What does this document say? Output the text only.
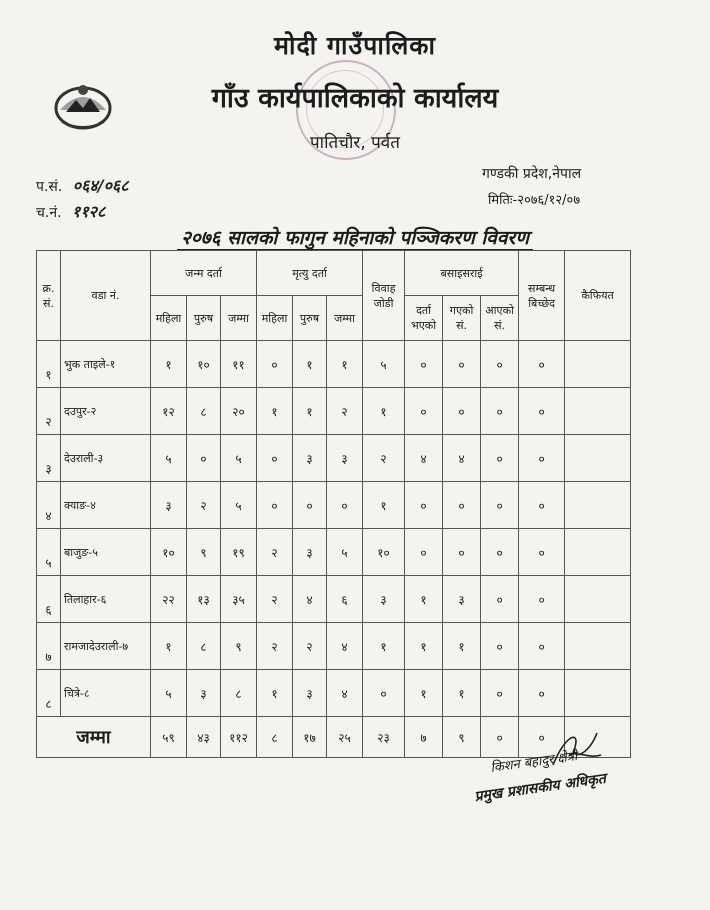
मोदी गाउँपालिका
गाँउ कार्यपालिकाको कार्यालय
पातिचौर, पर्वत
प.सं. ०६४/०६८
च.नं. ११२८
गण्डकी प्रदेश,नेपाल
मितिः-२०७६/१२/०७
२०७६ सालको फागुन महिनाको पञ्जिकरण विवरण
क्र. सं.	वडा नं.	जन्म दर्ता			मृत्यु दर्ता			विवाह जोडी	बसाइसराई			सम्बन्ध बिच्छेद	कैफियत
		महिला	पुरुष	जम्मा	महिला	पुरुष	जम्मा		दर्ता भएको	गएको सं.	आएको सं.		
१	भुक ताइले-१	१	१०	११	०	१	१	५	०	०	०	०	
२	दउपुर-२	१२	८	२०	१	१	२	१	०	०	०	०	
३	देउराली-३	५	०	५	०	३	३	२	४	४	०	०	
४	क्याङ-४	३	२	५	०	०	०	१	०	०	०	०	
५	बाजुङ-५	१०	९	१९	२	३	५	१०	०	०	०	०	
६	तिलाहार-६	२२	१३	३५	२	४	६	३	१	३	०	०	
७	रामजादेउराली-७	१	८	९	२	२	४	१	१	१	०	०	
८	चित्रे-८	५	३	८	१	३	४	०	१	१	०	०	
जम्मा		५९	४३	११२	८	१७	२५	२३	७	९	०	०	
किशन बहादुर क्षेत्री
प्रमुख प्रशासकीय अधिकृत
